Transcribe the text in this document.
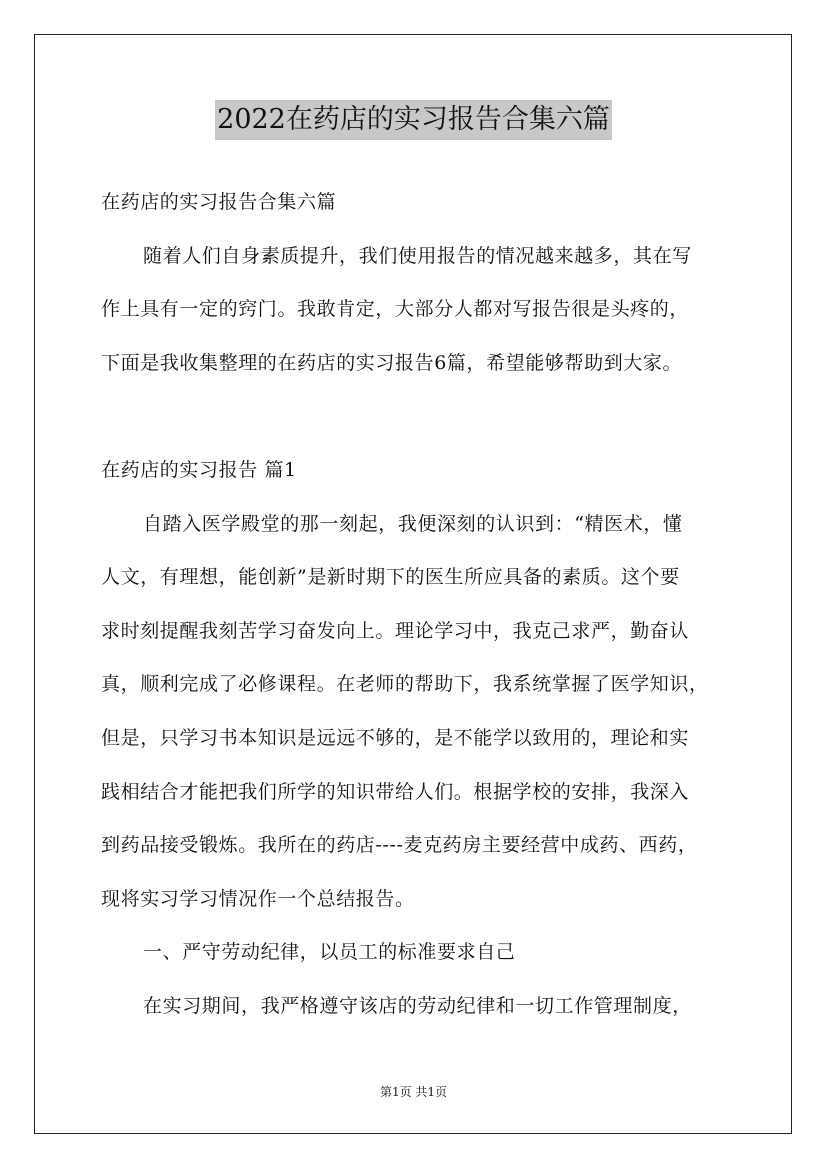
2022在药店的实习报告合集六篇
在药店的实习报告合集六篇
随着人们自身素质提升，我们使用报告的情况越来越多，其在写
作上具有一定的窍门。我敢肯定，大部分人都对写报告很是头疼的，
下面是我收集整理的在药店的实习报告6篇，希望能够帮助到大家。
在药店的实习报告 篇1
自踏入医学殿堂的那一刻起，我便深刻的认识到：“精医术，懂
人文，有理想，能创新”是新时期下的医生所应具备的素质。这个要
求时刻提醒我刻苦学习奋发向上。理论学习中，我克己求严，勤奋认
真，顺利完成了必修课程。在老师的帮助下，我系统掌握了医学知识，
但是，只学习书本知识是远远不够的，是不能学以致用的，理论和实
践相结合才能把我们所学的知识带给人们。根据学校的安排，我深入
到药品接受锻炼。我所在的药店----麦克药房主要经营中成药、西药，
现将实习学习情况作一个总结报告。
一、严守劳动纪律，以员工的标准要求自己
在实习期间，我严格遵守该店的劳动纪律和一切工作管理制度，
第1页 共1页
